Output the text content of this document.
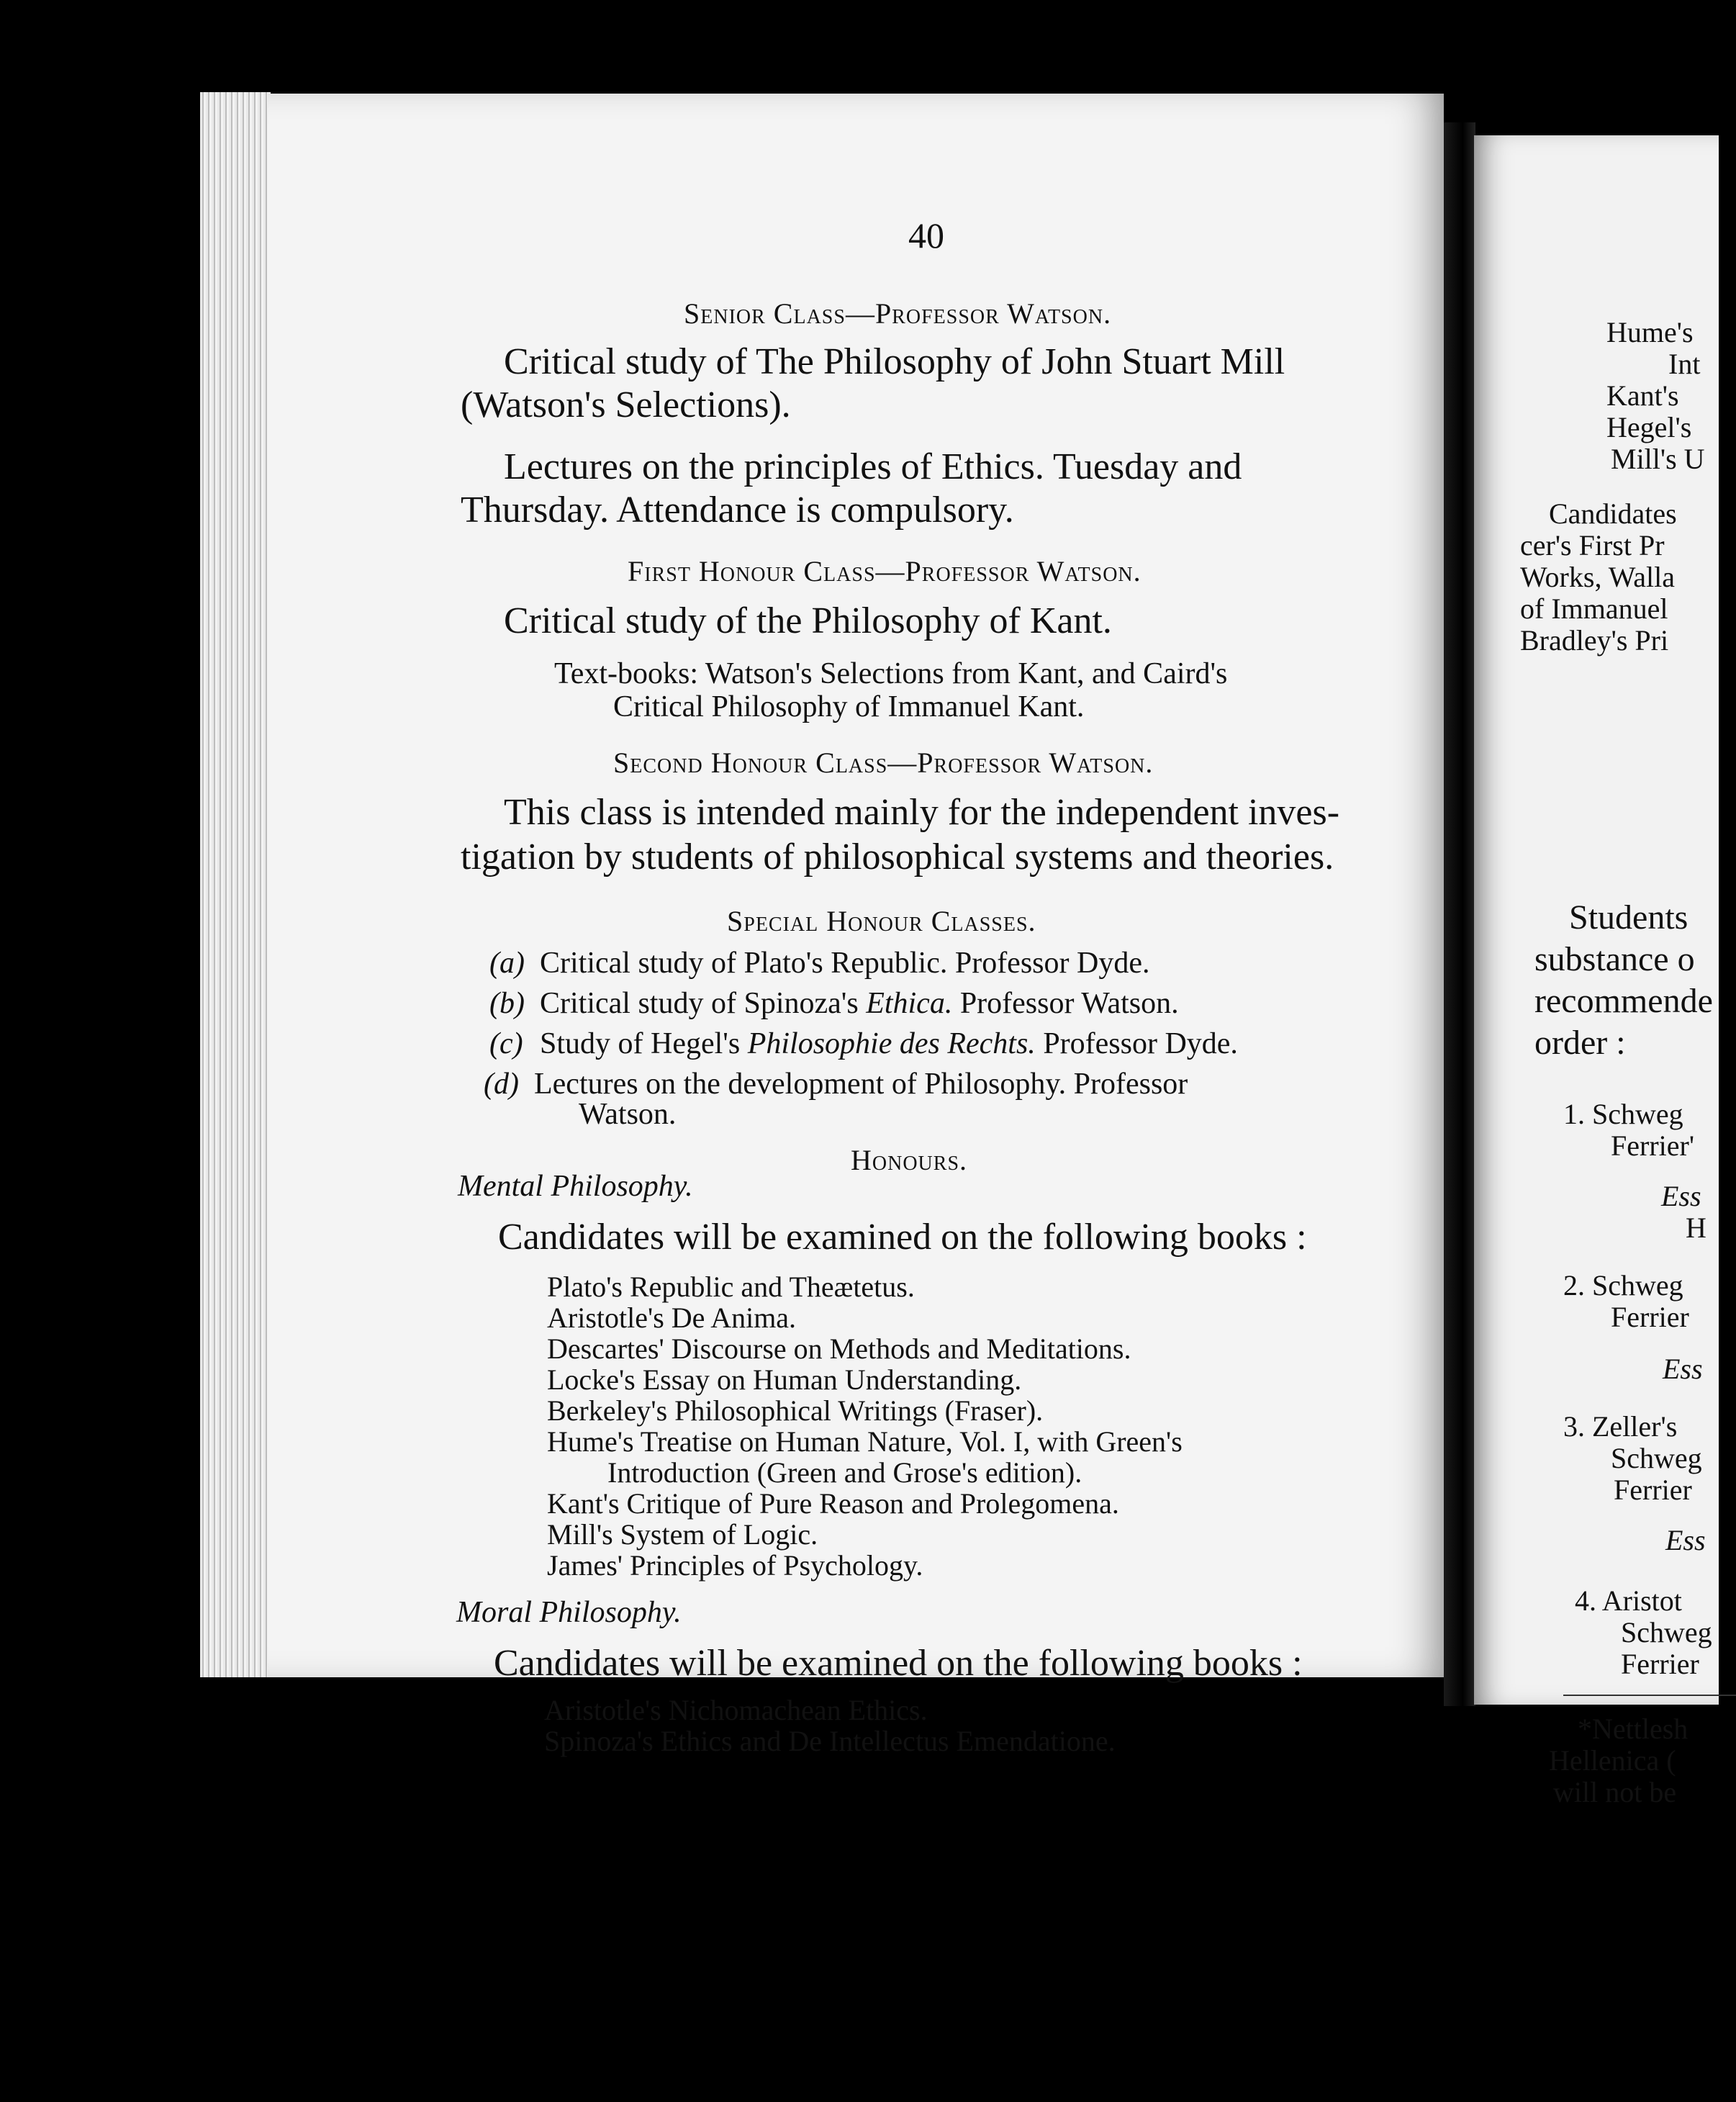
Hume's
Int
Kant's
Hegel's
Mill's U
Candidates
cer's First Pr
Works, Walla
of Immanuel
Bradley's Pri
Students
substance o
recommende
order :
1. Schweg
Ferrier'
Ess
H
2. Schweg
Ferrier
Ess
3. Zeller's
Schweg
Ferrier
Ess
4. Aristot
Schweg
Ferrier
*Nettlesh
Hellenica (
will not be
40
Senior Class—Professor Watson.
Critical study of The Philosophy of John Stuart Mill
(Watson's Selections).
Lectures on the principles of Ethics. Tuesday and
Thursday. Attendance is compulsory.
First Honour Class—Professor Watson.
Critical study of the Philosophy of Kant.
Text-books: Watson's Selections from Kant, and Caird's
Critical Philosophy of Immanuel Kant.
Second Honour Class—Professor Watson.
This class is intended mainly for the independent inves-
tigation by students of philosophical systems and theories.
Special Honour Classes.
(a) Critical study of Plato's Republic. Professor Dyde.
(b) Critical study of Spinoza's Ethica. Professor Watson.
(c) Study of Hegel's Philosophie des Rechts. Professor Dyde.
(d) Lectures on the development of Philosophy. Professor
Watson.
Honours.
Mental Philosophy.
Candidates will be examined on the following books :
Plato's Republic and Theætetus.
Aristotle's De Anima.
Descartes' Discourse on Methods and Meditations.
Locke's Essay on Human Understanding.
Berkeley's Philosophical Writings (Fraser).
Hume's Treatise on Human Nature, Vol. I, with Green's
Introduction (Green and Grose's edition).
Kant's Critique of Pure Reason and Prolegomena.
Mill's System of Logic.
James' Principles of Psychology.
Moral Philosophy.
Candidates will be examined on the following books :
Aristotle's Nichomachean Ethics.
Spinoza's Ethics and De Intellectus Emendatione.
